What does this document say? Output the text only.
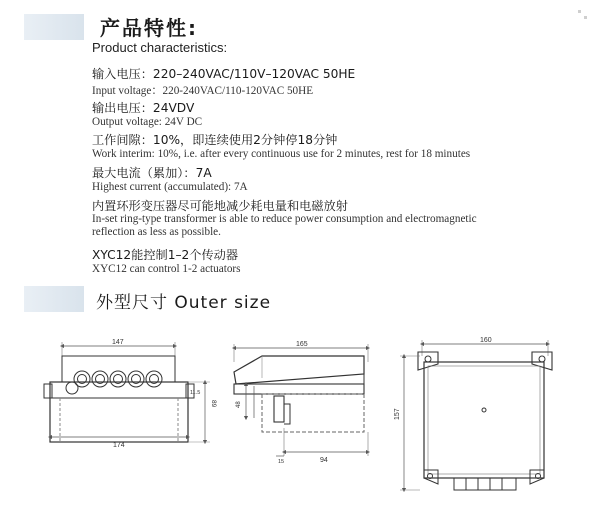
产品特性:
Product characteristics:
输入电压：220–240VAC/110V–120VAC 50HE
Input voltage：220-240VAC/110-120VAC 50HE
输出电压：24VDV
Output voltage: 24V DC
工作间隙：10%，即连续使用2分钟停18分钟
Work interim: 10%, i.e. after every continuous use for 2 minutes, rest for 18 minutes
最大电流（累加）：7A
Highest current (accumulated): 7A
内置环形变压器尽可能地减少耗电量和电磁放射
In-set ring-type transformer is able to reduce power consumption and electromagnetic
reflection as less as possible.
XYC12能控制1–2个传动器
XYC12 can control 1-2 actuators
外型尺寸 Outer size
147
174
89
11.5
165
94
48
15
160
157
